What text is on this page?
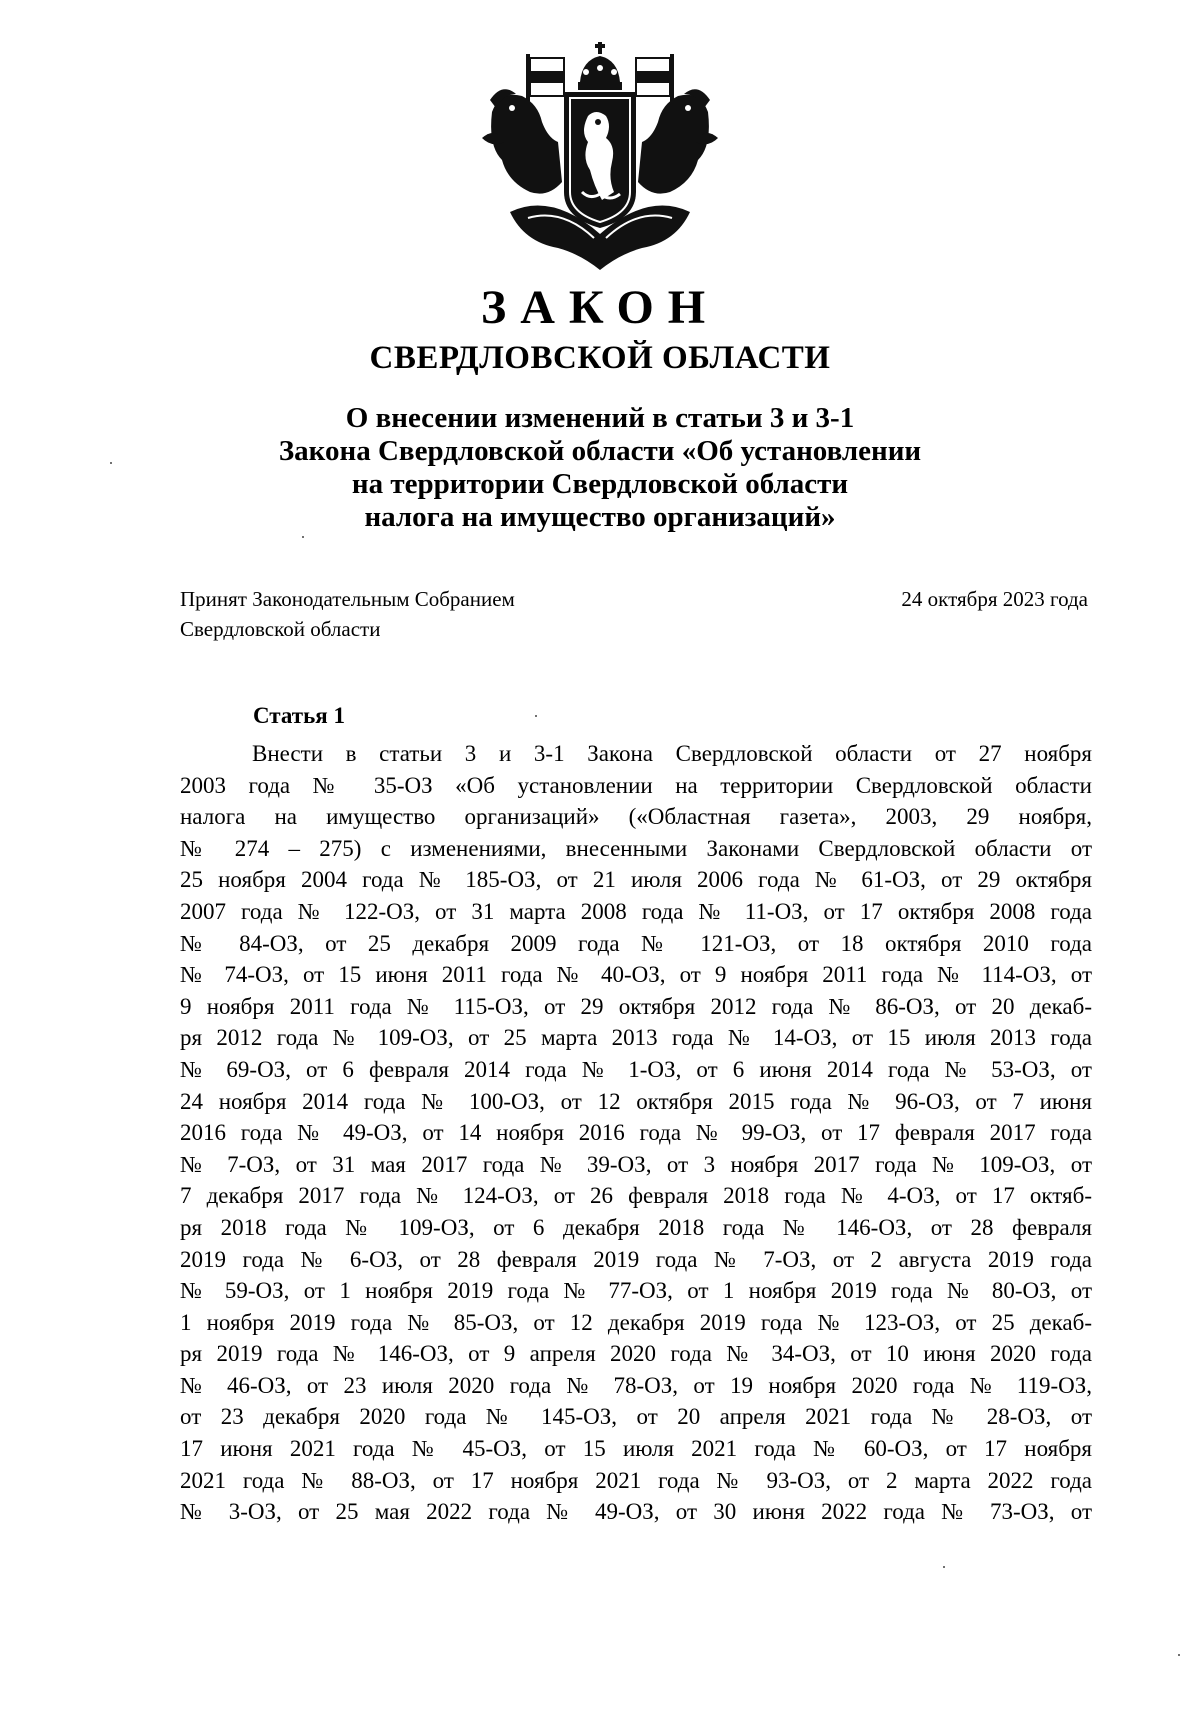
ЗАКОН
СВЕРДЛОВСКОЙ ОБЛАСТИ
О внесении изменений в статьи 3 и 3-1
Закона Свердловской области «Об установлении
на территории Свердловской области
налога на имущество организаций»
Принят Законодательным Собранием
Свердловской области
24 октября 2023 года
Статья 1
Внести в статьи 3 и 3-1 Закона Свердловской области от 27 ноября
2003 года № 35-ОЗ «Об установлении на территории Свердловской области
налога на имущество организаций» («Областная газета», 2003, 29 ноября,
№ 274 – 275) с изменениями, внесенными Законами Свердловской области от
25 ноября 2004 года № 185-ОЗ, от 21 июля 2006 года № 61-ОЗ, от 29 октября
2007 года № 122-ОЗ, от 31 марта 2008 года № 11-ОЗ, от 17 октября 2008 года
№ 84-ОЗ, от 25 декабря 2009 года № 121-ОЗ, от 18 октября 2010 года
№ 74-ОЗ, от 15 июня 2011 года № 40-ОЗ, от 9 ноября 2011 года № 114-ОЗ, от
9 ноября 2011 года № 115-ОЗ, от 29 октября 2012 года № 86-ОЗ, от 20 декаб-
ря 2012 года № 109-ОЗ, от 25 марта 2013 года № 14-ОЗ, от 15 июля 2013 года
№ 69-ОЗ, от 6 февраля 2014 года № 1-ОЗ, от 6 июня 2014 года № 53-ОЗ, от
24 ноября 2014 года № 100-ОЗ, от 12 октября 2015 года № 96-ОЗ, от 7 июня
2016 года № 49-ОЗ, от 14 ноября 2016 года № 99-ОЗ, от 17 февраля 2017 года
№ 7-ОЗ, от 31 мая 2017 года № 39-ОЗ, от 3 ноября 2017 года № 109-ОЗ, от
7 декабря 2017 года № 124-ОЗ, от 26 февраля 2018 года № 4-ОЗ, от 17 октяб-
ря 2018 года № 109-ОЗ, от 6 декабря 2018 года № 146-ОЗ, от 28 февраля
2019 года № 6-ОЗ, от 28 февраля 2019 года № 7-ОЗ, от 2 августа 2019 года
№ 59-ОЗ, от 1 ноября 2019 года № 77-ОЗ, от 1 ноября 2019 года № 80-ОЗ, от
1 ноября 2019 года № 85-ОЗ, от 12 декабря 2019 года № 123-ОЗ, от 25 декаб-
ря 2019 года № 146-ОЗ, от 9 апреля 2020 года № 34-ОЗ, от 10 июня 2020 года
№ 46-ОЗ, от 23 июля 2020 года № 78-ОЗ, от 19 ноября 2020 года № 119-ОЗ,
от 23 декабря 2020 года № 145-ОЗ, от 20 апреля 2021 года № 28-ОЗ, от
17 июня 2021 года № 45-ОЗ, от 15 июля 2021 года № 60-ОЗ, от 17 ноября
2021 года № 88-ОЗ, от 17 ноября 2021 года № 93-ОЗ, от 2 марта 2022 года
№ 3-ОЗ, от 25 мая 2022 года № 49-ОЗ, от 30 июня 2022 года № 73-ОЗ, от
